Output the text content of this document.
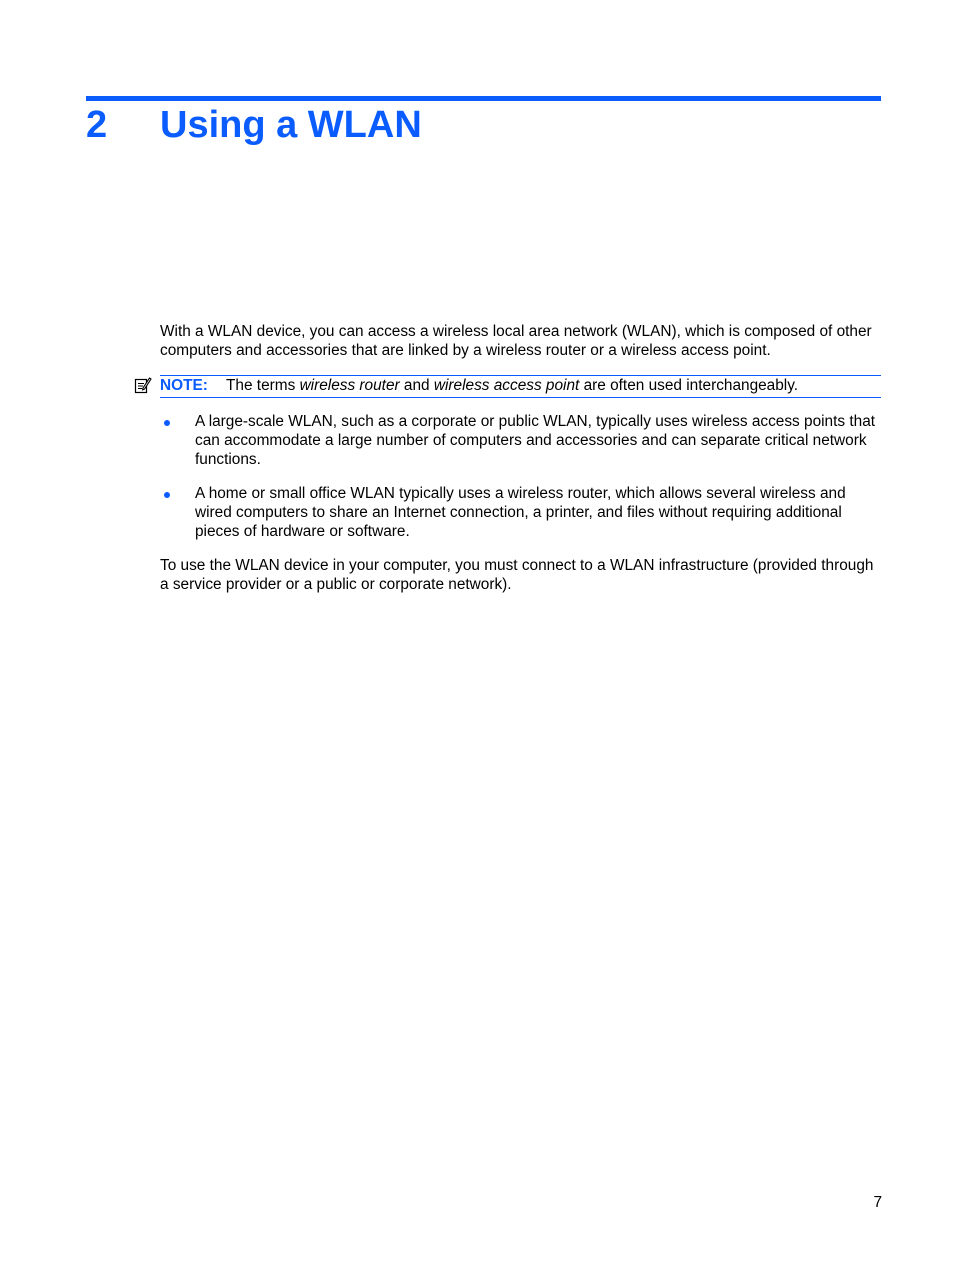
2 Using a WLAN

With a WLAN device, you can access a wireless local area network (WLAN), which is composed of other computers and accessories that are linked by a wireless router or a wireless access point.

NOTE: The terms wireless router and wireless access point are often used interchangeably.
A large-scale WLAN, such as a corporate or public WLAN, typically uses wireless access points that can accommodate a large number of computers and accessories and can separate critical network functions.
A home or small office WLAN typically uses a wireless router, which allows several wireless and wired computers to share an Internet connection, a printer, and files without requiring additional pieces of hardware or software.

To use the WLAN device in your computer, you must connect to a WLAN infrastructure (provided through a service provider or a public or corporate network).

7
